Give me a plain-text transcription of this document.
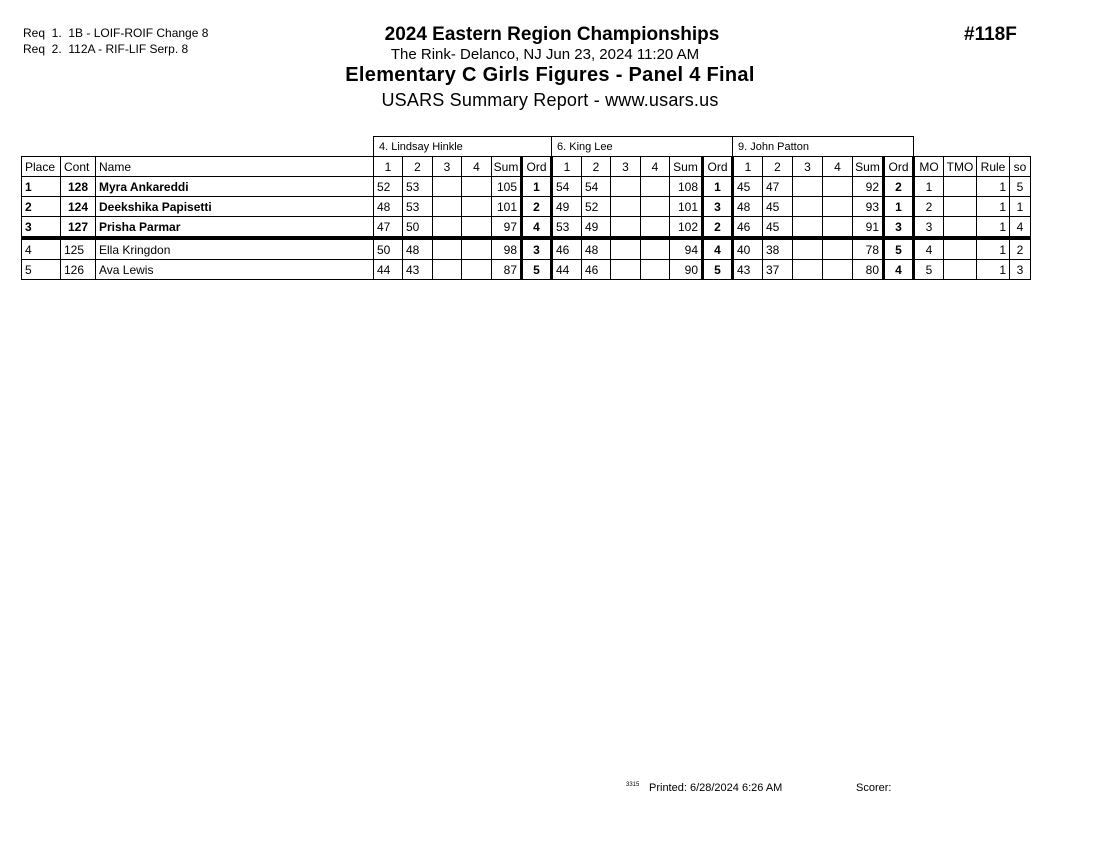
Req  1.  1B - LOIF-ROIF Change 8
Req  2.  112A - RIF-LIF Serp. 8
#118F
2024 Eastern Region Championships
The Rink- Delanco, NJ Jun 23, 2024 11:20 AM
Elementary C Girls Figures - Panel 4 Final
USARS Summary Report - www.usars.us
			4. Lindsay Hinkle						6. King Lee						9. John Patton									
Place	Cont	Name	1	2	3	4	Sum	Ord	1	2	3	4	Sum	Ord	1	2	3	4	Sum	Ord	MO	TMO	Rule	so
1	128	Myra Ankareddi	52	53			105	1	54	54			108	1	45	47			92	2	1		1	5
2	124	Deekshika Papisetti	48	53			101	2	49	52			101	3	48	45			93	1	2		1	1
3	127	Prisha Parmar	47	50			97	4	53	49			102	2	46	45			91	3	3		1	4
4	125	Ella Kringdon	50	48			98	3	46	48			94	4	40	38			78	5	4		1	2
5	126	Ava Lewis	44	43			87	5	44	46			90	5	43	37			80	4	5		1	3
3315 Printed: 6/28/2024 6:26 AM	Scorer:
